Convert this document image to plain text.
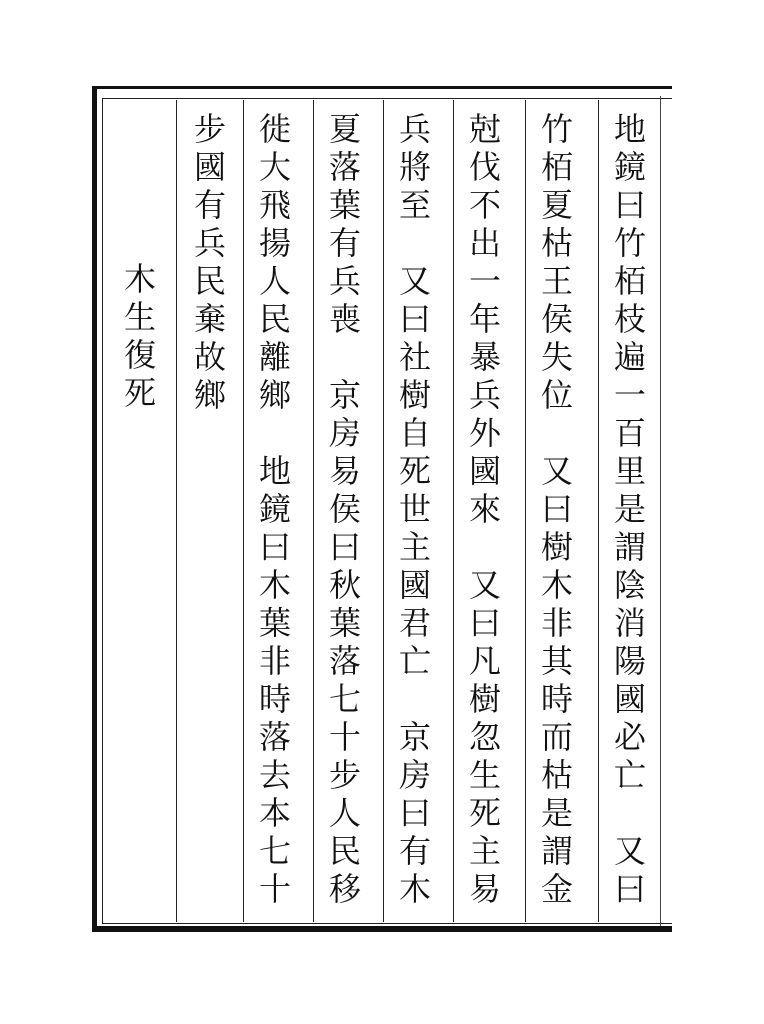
地鏡曰竹栢枝遍一百里是謂陰消陽國必亡　又曰
竹栢夏枯王侯失位　又曰樹木非其時而枯是謂金
尅伐不出一年暴兵外國來　又曰凡樹忽生死主易
兵將至　又曰社樹自死世主國君亡　京房曰有木
夏落葉有兵喪　京房易侯曰秋葉落七十步人民移
徙大飛揚人民離鄉　地鏡曰木葉非時落去本七十
步國有兵民棄故鄉
木生復死
